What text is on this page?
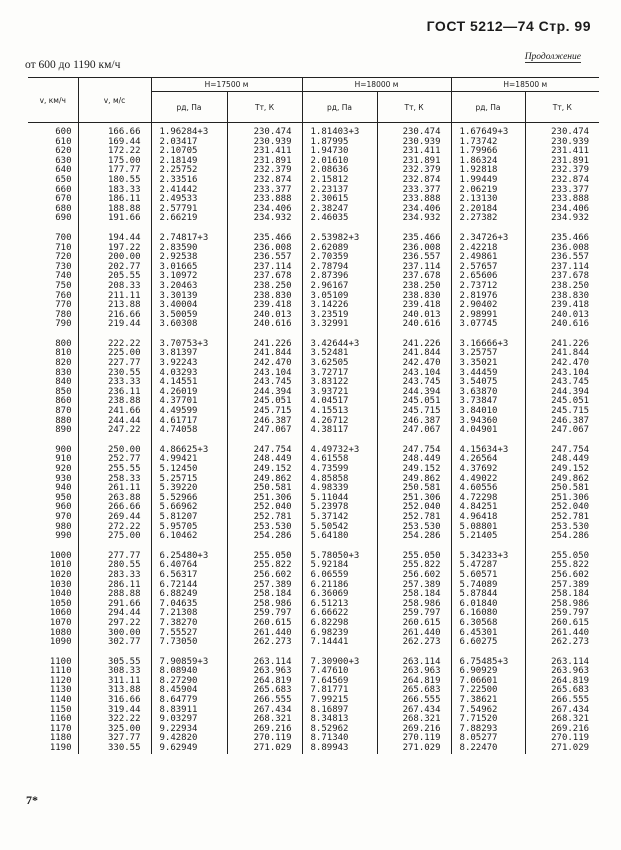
ГОСТ 5212—74 Стр. 99
Продолжение
от 600 до 1190 км/ч
v, км/ч	v, м/с	H=17500 м		H=18000 м		H=18500 м	
		pд, Па	Tт, К	pд, Па	Tт, К	pд, Па	Tт, К
600	166.66	1.96284+3	230.474	1.81403+3	230.474	1.67649+3	230.474
610	169.44	2.03417	230.939	1.87995	230.939	1.73742	230.939
620	172.22	2.10705	231.411	1.94730	231.411	1.79966	231.411
630	175.00	2.18149	231.891	2.01610	231.891	1.86324	231.891
640	177.77	2.25752	232.379	2.08636	232.379	1.92818	232.379
650	180.55	2.33516	232.874	2.15812	232.874	1.99449	232.874
660	183.33	2.41442	233.377	2.23137	233.377	2.06219	233.377
670	186.11	2.49533	233.888	2.30615	233.888	2.13130	233.888
680	188.88	2.57791	234.406	2.38247	234.406	2.20184	234.406
690	191.66	2.66219	234.932	2.46035	234.932	2.27382	234.932

700	194.44	2.74817+3	235.466	2.53982+3	235.466	2.34726+3	235.466
710	197.22	2.83590	236.008	2.62089	236.008	2.42218	236.008
720	200.00	2.92538	236.557	2.70359	236.557	2.49861	236.557
730	202.77	3.01665	237.114	2.78794	237.114	2.57657	237.114
740	205.55	3.10972	237.678	2.87396	237.678	2.65606	237.678
750	208.33	3.20463	238.250	2.96167	238.250	2.73712	238.250
760	211.11	3.30139	238.830	3.05109	238.830	2.81976	238.830
770	213.88	3.40004	239.418	3.14226	239.418	2.90402	239.418
780	216.66	3.50059	240.013	3.23519	240.013	2.98991	240.013
790	219.44	3.60308	240.616	3.32991	240.616	3.07745	240.616

800	222.22	3.70753+3	241.226	3.42644+3	241.226	3.16666+3	241.226
810	225.00	3.81397	241.844	3.52481	241.844	3.25757	241.844
820	227.77	3.92243	242.470	3.62505	242.470	3.35021	242.470
830	230.55	4.03293	243.104	3.72717	243.104	3.44459	243.104
840	233.33	4.14551	243.745	3.83122	243.745	3.54075	243.745
850	236.11	4.26019	244.394	3.93721	244.394	3.63870	244.394
860	238.88	4.37701	245.051	4.04517	245.051	3.73847	245.051
870	241.66	4.49599	245.715	4.15513	245.715	3.84010	245.715
880	244.44	4.61717	246.387	4.26712	246.387	3.94360	246.387
890	247.22	4.74058	247.067	4.38117	247.067	4.04901	247.067

900	250.00	4.86625+3	247.754	4.49732+3	247.754	4.15634+3	247.754
910	252.77	4.99421	248.449	4.61558	248.449	4.26564	248.449
920	255.55	5.12450	249.152	4.73599	249.152	4.37692	249.152
930	258.33	5.25715	249.862	4.85858	249.862	4.49022	249.862
940	261.11	5.39220	250.581	4.98339	250.581	4.60556	250.581
950	263.88	5.52966	251.306	5.11044	251.306	4.72298	251.306
960	266.66	5.66962	252.040	5.23978	252.040	4.84251	252.040
970	269.44	5.81207	252.781	5.37142	252.781	4.96418	252.781
980	272.22	5.95705	253.530	5.50542	253.530	5.08801	253.530
990	275.00	6.10462	254.286	5.64180	254.286	5.21405	254.286

1000	277.77	6.25480+3	255.050	5.78050+3	255.050	5.34233+3	255.050
1010	280.55	6.40764	255.822	5.92184	255.822	5.47287	255.822
1020	283.33	6.56317	256.602	6.06559	256.602	5.60571	256.602
1030	286.11	6.72144	257.389	6.21186	257.389	5.74089	257.389
1040	288.88	6.88249	258.184	6.36069	258.184	5.87844	258.184
1050	291.66	7.04635	258.986	6.51213	258.986	6.01840	258.986
1060	294.44	7.21308	259.797	6.66622	259.797	6.16080	259.797
1070	297.22	7.38270	260.615	6.82298	260.615	6.30568	260.615
1080	300.00	7.55527	261.440	6.98239	261.440	6.45301	261.440
1090	302.77	7.73050	262.273	7.14441	262.273	6.60275	262.273

1100	305.55	7.90859+3	263.114	7.30900+3	263.114	6.75485+3	263.114
1110	308.33	8.08940	263.963	7.47610	263.963	6.90929	263.963
1120	311.11	8.27290	264.819	7.64569	264.819	7.06601	264.819
1130	313.88	8.45904	265.683	7.81771	265.683	7.22500	265.683
1140	316.66	8.64779	266.555	7.99215	266.555	7.38621	266.555
1150	319.44	8.83911	267.434	8.16897	267.434	7.54962	267.434
1160	322.22	9.03297	268.321	8.34813	268.321	7.71520	268.321
1170	325.00	9.22934	269.216	8.52962	269.216	7.88293	269.216
1180	327.77	9.42820	270.119	8.71340	270.119	8.05277	270.119
1190	330.55	9.62949	271.029	8.89943	271.029	8.22470	271.029
7*
